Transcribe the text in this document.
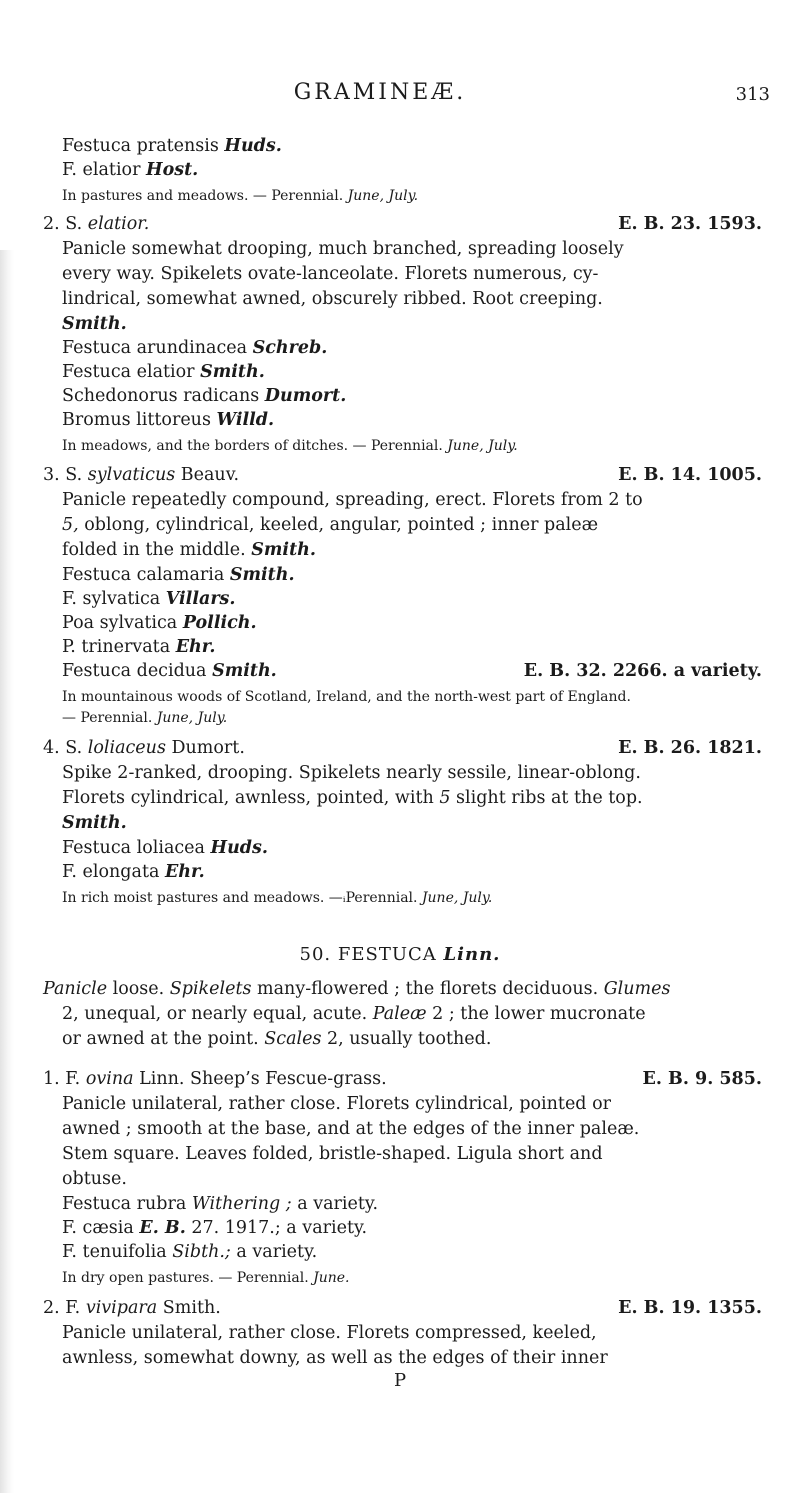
GRAMINEÆ.	313
Festuca pratensis Huds.
F. elatior Host.
In pastures and meadows. — Perennial. June, July.
2. S. elatior.	E. B. 23. 1593.
Panicle somewhat drooping, much branched, spreading loosely
every way. Spikelets ovate-lanceolate. Florets numerous, cy-
lindrical, somewhat awned, obscurely ribbed. Root creeping.
Smith.
Festuca arundinacea Schreb.
Festuca elatior Smith.
Schedonorus radicans Dumort.
Bromus littoreus Willd.
In meadows, and the borders of ditches. — Perennial. June, July.
3. S. sylvaticus Beauv.	E. B. 14. 1005.
Panicle repeatedly compound, spreading, erect. Florets from 2 to
5, oblong, cylindrical, keeled, angular, pointed ; inner paleæ
folded in the middle. Smith.
Festuca calamaria Smith.
F. sylvatica Villars.
Poa sylvatica Pollich.
P. trinervata Ehr.
Festuca decidua Smith.	E. B. 32. 2266. a variety.
In mountainous woods of Scotland, Ireland, and the north-west part of England.
— Perennial. June, July.
4. S. loliaceus Dumort.	E. B. 26. 1821.
Spike 2-ranked, drooping. Spikelets nearly sessile, linear-oblong.
Florets cylindrical, awnless, pointed, with 5 slight ribs at the top.
Smith.
Festuca loliacea Huds.
F. elongata Ehr.
In rich moist pastures and meadows. —ᵢPerennial. June, July.
50. FESTUCA Linn.
Panicle loose. Spikelets many-flowered ; the florets deciduous. Glumes
2, unequal, or nearly equal, acute. Paleæ 2 ; the lower mucronate
or awned at the point. Scales 2, usually toothed.
1. F. ovina Linn. Sheep’s Fescue-grass.	E. B. 9. 585.
Panicle unilateral, rather close. Florets cylindrical, pointed or
awned ; smooth at the base, and at the edges of the inner paleæ.
Stem square. Leaves folded, bristle-shaped. Ligula short and
obtuse.
Festuca rubra Withering ; a variety.
F. cæsia E. B. 27. 1917.; a variety.
F. tenuifolia Sibth.; a variety.
In dry open pastures. — Perennial. June.
2. F. vivipara Smith.	E. B. 19. 1355.
Panicle unilateral, rather close. Florets compressed, keeled,
awnless, somewhat downy, as well as the edges of their inner
P
